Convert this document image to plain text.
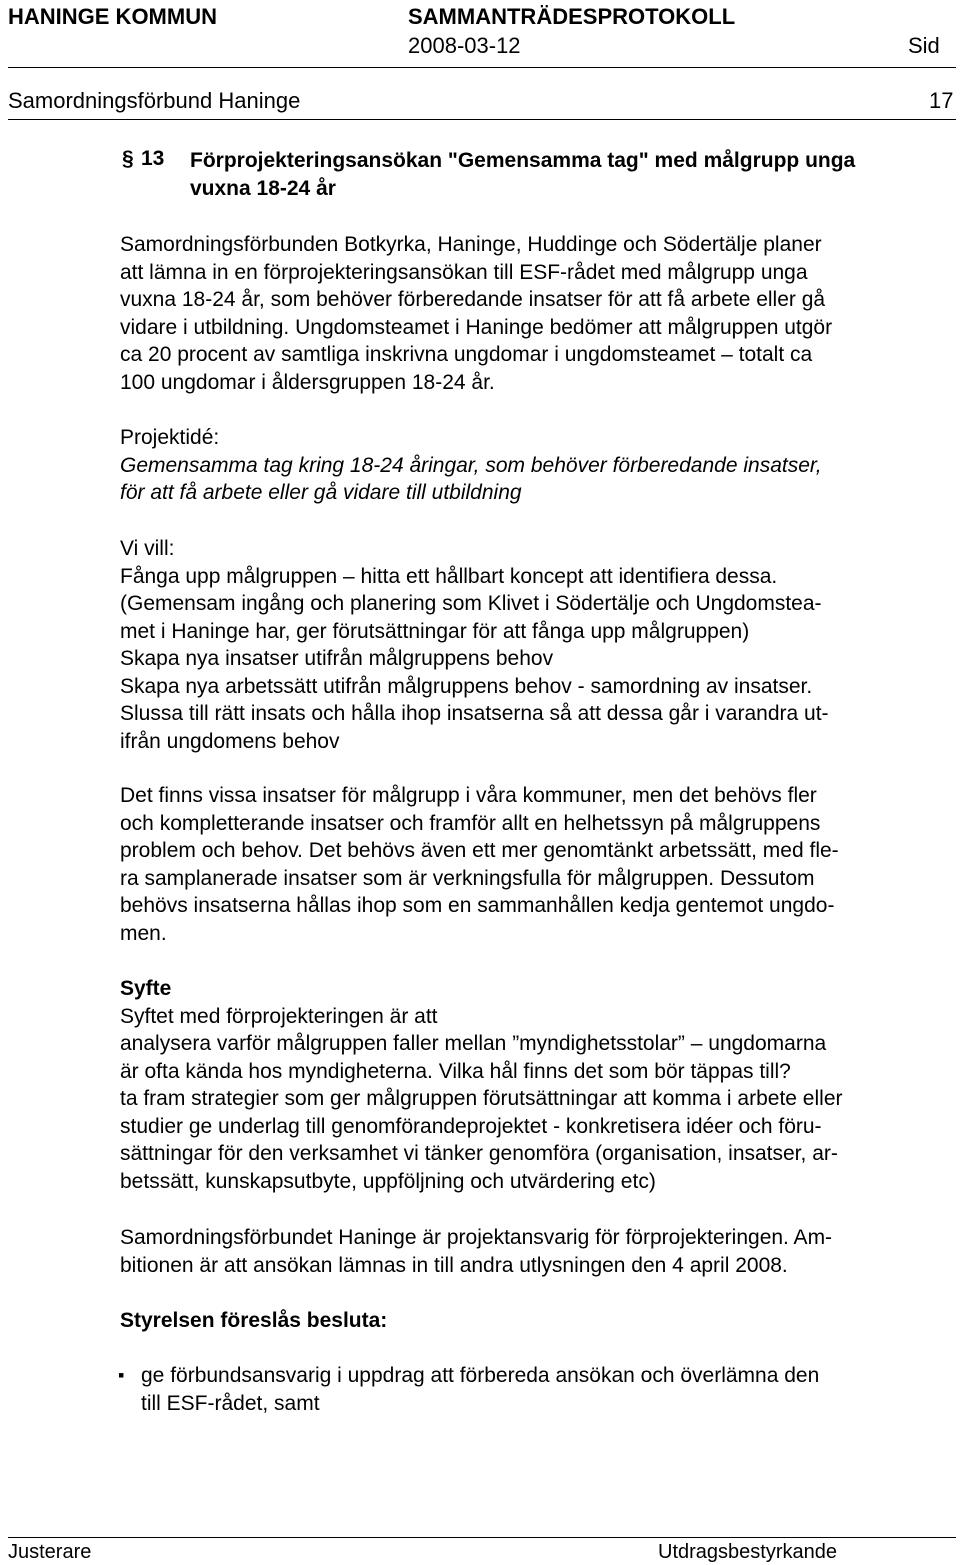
HANINGE KOMMUN	SAMMANTRÄDESPROTOKOLL
2008-03-12	Sid
Samordningsförbund Haninge	17
§ 13 Förprojekteringsansökan "Gemensamma tag" med målgrupp unga
vuxna 18-24 år
Samordningsförbunden Botkyrka, Haninge, Huddinge och Södertälje planer
att lämna in en förprojekteringsansökan till ESF-rådet med målgrupp unga
vuxna 18-24 år, som behöver förberedande insatser för att få arbete eller gå
vidare i utbildning. Ungdomsteamet i Haninge bedömer att målgruppen utgör
ca 20 procent av samtliga inskrivna ungdomar i ungdomsteamet – totalt ca
100 ungdomar i åldersgruppen 18-24 år.
Projektidé:
Gemensamma tag kring 18-24 åringar, som behöver förberedande insatser,
för att få arbete eller gå vidare till utbildning
Vi vill:
Fånga upp målgruppen – hitta ett hållbart koncept att identifiera dessa.
(Gemensam ingång och planering som Klivet i Södertälje och Ungdomstea-
met i Haninge har, ger förutsättningar för att fånga upp målgruppen)
Skapa nya insatser utifrån målgruppens behov
Skapa nya arbetssätt utifrån målgruppens behov - samordning av insatser.
Slussa till rätt insats och hålla ihop insatserna så att dessa går i varandra ut-
ifrån ungdomens behov
Det finns vissa insatser för målgrupp i våra kommuner, men det behövs fler
och kompletterande insatser och framför allt en helhetssyn på målgruppens
problem och behov. Det behövs även ett mer genomtänkt arbetssätt, med fle-
ra samplanerade insatser som är verkningsfulla för målgruppen. Dessutom
behövs insatserna hållas ihop som en sammanhållen kedja gentemot ungdo-
men.
Syfte
Syftet med förprojekteringen är att
analysera varför målgruppen faller mellan ”myndighetsstolar” – ungdomarna
är ofta kända hos myndigheterna. Vilka hål finns det som bör täppas till?
ta fram strategier som ger målgruppen förutsättningar att komma i arbete eller
studier ge underlag till genomförandeprojektet - konkretisera idéer och föru-
sättningar för den verksamhet vi tänker genomföra (organisation, insatser, ar-
betssätt, kunskapsutbyte, uppföljning och utvärdering etc)
Samordningsförbundet Haninge är projektansvarig för förprojekteringen. Am-
bitionen är att ansökan lämnas in till andra utlysningen den 4 april 2008.
Styrelsen föreslås besluta:
▪ ge förbundsansvarig i uppdrag att förbereda ansökan och överlämna den
till ESF-rådet, samt
Justerare	Utdragsbestyrkande
